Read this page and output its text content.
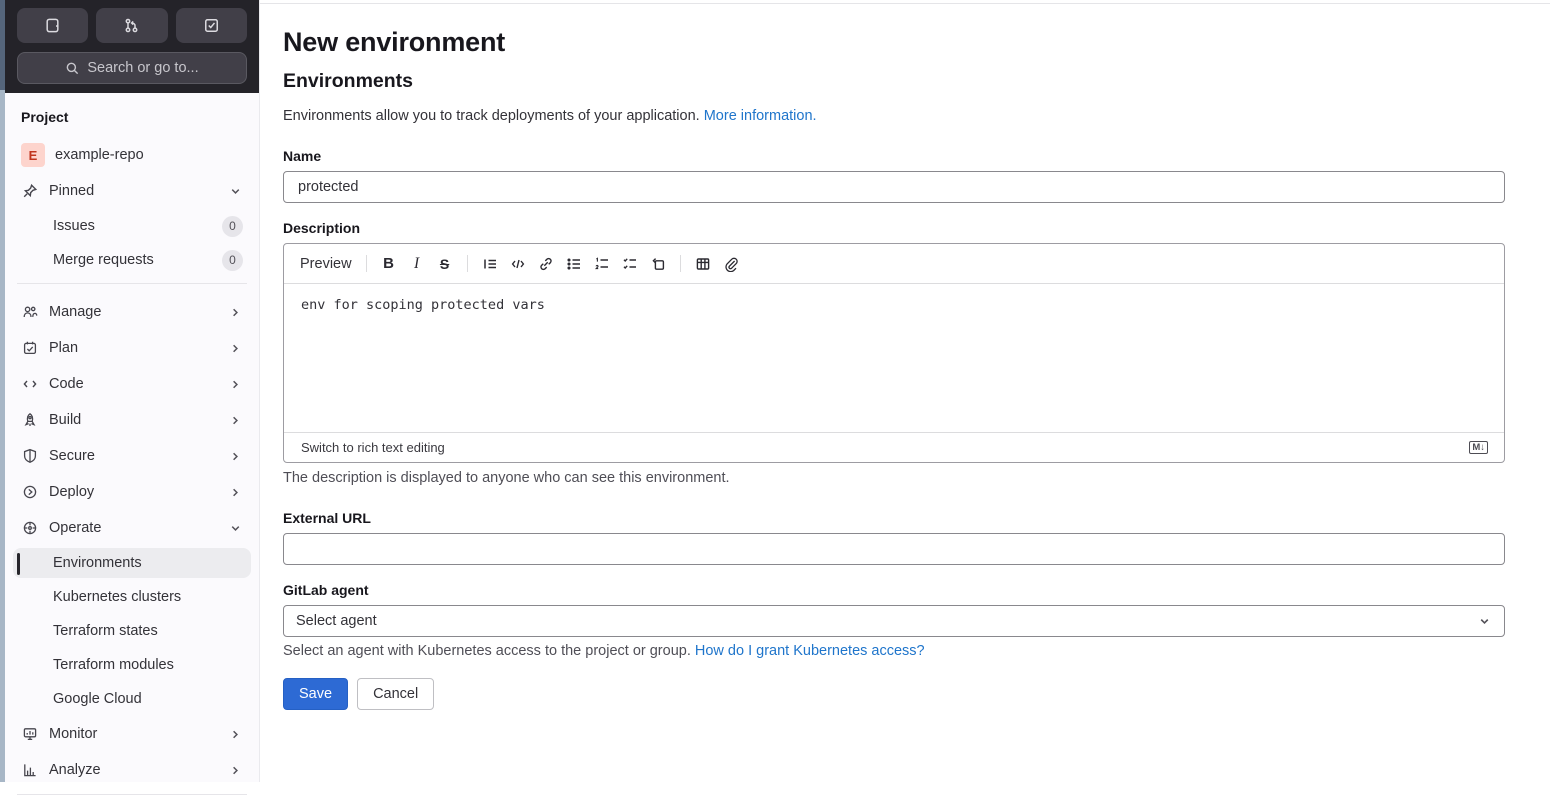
Search or go to...
Project
E	example-repo
Pinned
Issues	0
Merge requests	0
Manage
Plan
Code
Build
Secure
Deploy
Operate
Environments
Kubernetes clusters
Terraform states
Terraform modules
Google Cloud
Monitor
Analyze
New environment
Environments

Environments allow you to track deployments of your application. More information.

Name
protected
Description
Preview	B	I	S
env for scoping protected vars
Switch to rich text editing	M↓

The description is displayed to anyone who can see this environment.

External URL
GitLab agent
Select agent

Select an agent with Kubernetes access to the project or group. How do I grant Kubernetes access?

Save	Cancel
